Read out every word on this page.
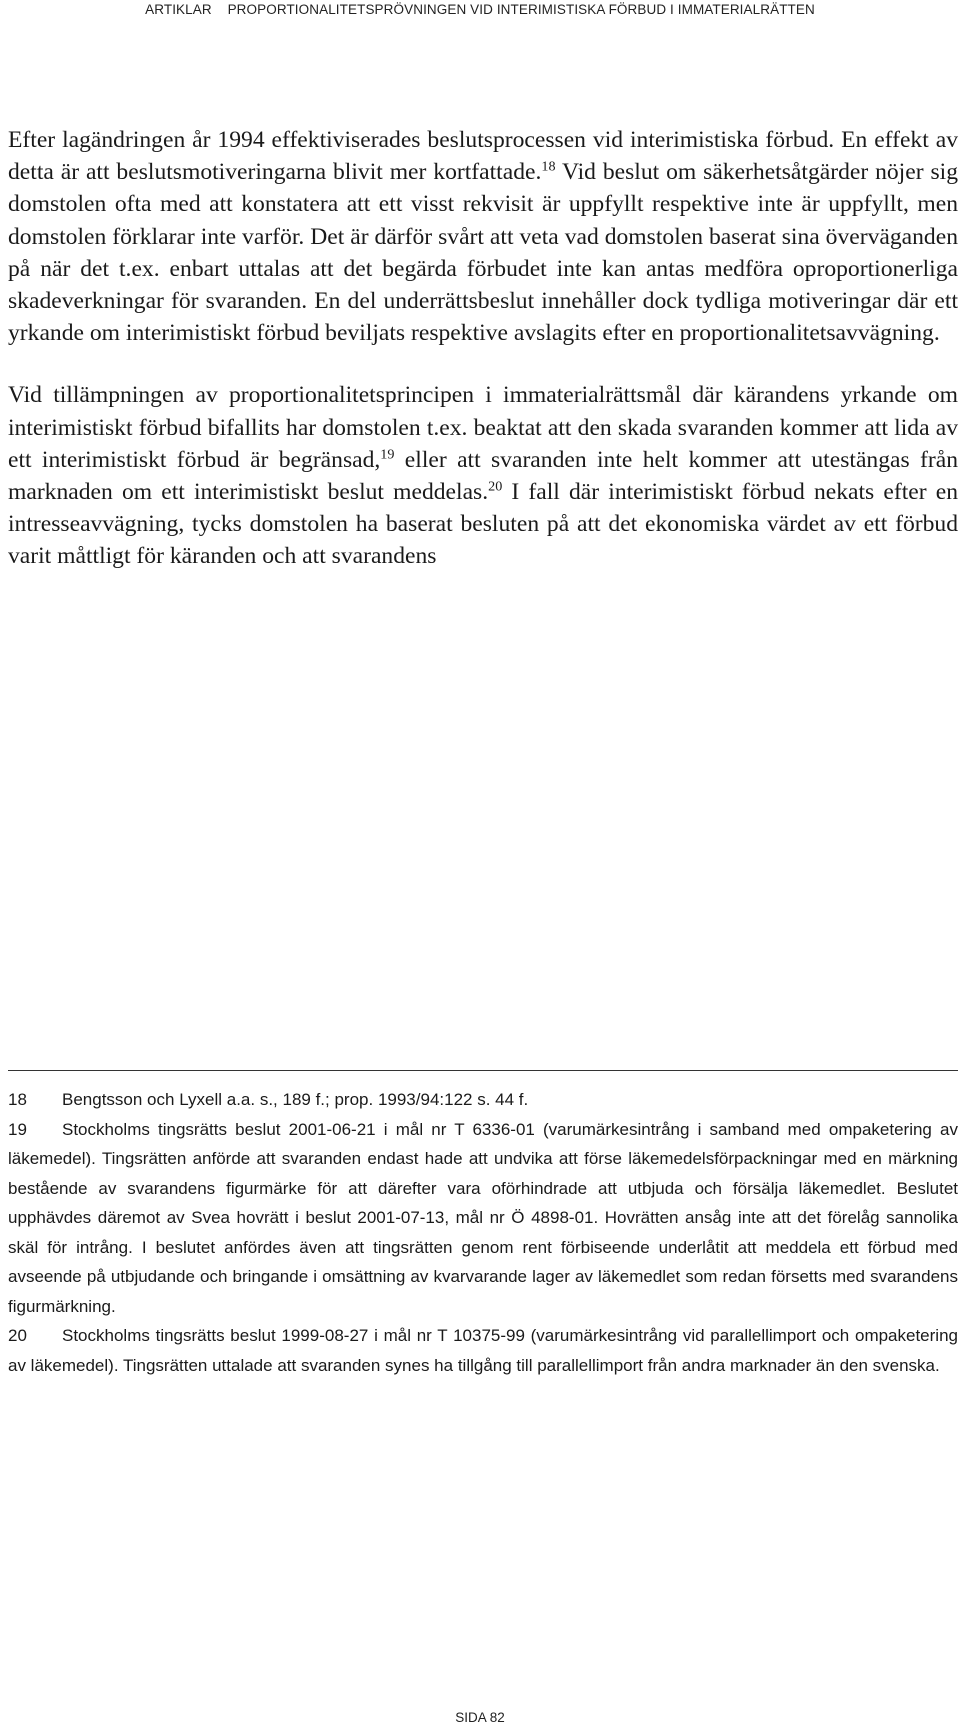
ARTIKLAR PROPORTIONALITETSPRÖVNINGEN VID INTERIMISTISKA FÖRBUD I IMMATERIALRÄTTEN

Efter lagändringen år 1994 effektiviserades beslutsprocessen vid interimistiska förbud. En effekt av detta är att beslutsmotiveringarna blivit mer kortfattade.$^{18}$ Vid beslut om säkerhetsåtgärder nöjer sig domstolen ofta med att konstatera att ett visst rekvisit är uppfyllt respektive inte är uppfyllt, men domstolen förklarar inte varför. Det är därför svårt att veta vad domstolen baserat sina överväganden på när det t.ex. enbart uttalas att det begärda förbudet inte kan antas medföra oproportionerliga skadeverkningar för svaranden. En del underrättsbeslut innehåller dock tydliga motiveringar där ett yrkande om interimistiskt förbud beviljats respektive avslagits efter en proportionalitetsavvägning.

Vid tillämpningen av proportionalitetsprincipen i immaterialrättsmål där kärandens yrkande om interimistiskt förbud bifallits har domstolen t.ex. beaktat att den skada svaranden kommer att lida av ett interimistiskt förbud är begränsad,$^{19}$ eller att svaranden inte helt kommer att utestängas från marknaden om ett interimistiskt beslut meddelas.$^{20}$ I fall där interimistiskt förbud nekats efter en intresseavvägning, tycks domstolen ha baserat besluten på att det ekonomiska värdet av ett förbud varit måttligt för käranden och att svarandens

18 Bengtsson och Lyxell a.a. s., 189 f.; prop. 1993/94:122 s. 44 f.

19 Stockholms tingsrätts beslut 2001-06-21 i mål nr T 6336-01 (varumärkesintrång i samband med ompaketering av läkemedel). Tingsrätten anförde att svaranden endast hade att undvika att förse läkemedelsförpackningar med en märkning bestående av svarandens figurmärke för att därefter vara oförhindrade att utbjuda och försälja läkemedlet. Beslutet upphävdes däremot av Svea hovrätt i beslut 2001-07-13, mål nr Ö 4898-01. Hovrätten ansåg inte att det förelåg sannolika skäl för intrång. I beslutet anfördes även att tingsrätten genom rent förbiseende underlåtit att meddela ett förbud med avseende på utbjudande och bringande i omsättning av kvarvarande lager av läkemedlet som redan försetts med svarandens figurmärkning.

20 Stockholms tingsrätts beslut 1999-08-27 i mål nr T 10375-99 (varumärkesintrång vid parallellimport och ompaketering av läkemedel). Tingsrätten uttalade att svaranden synes ha tillgång till parallellimport från andra marknader än den svenska.

SIDA 82
